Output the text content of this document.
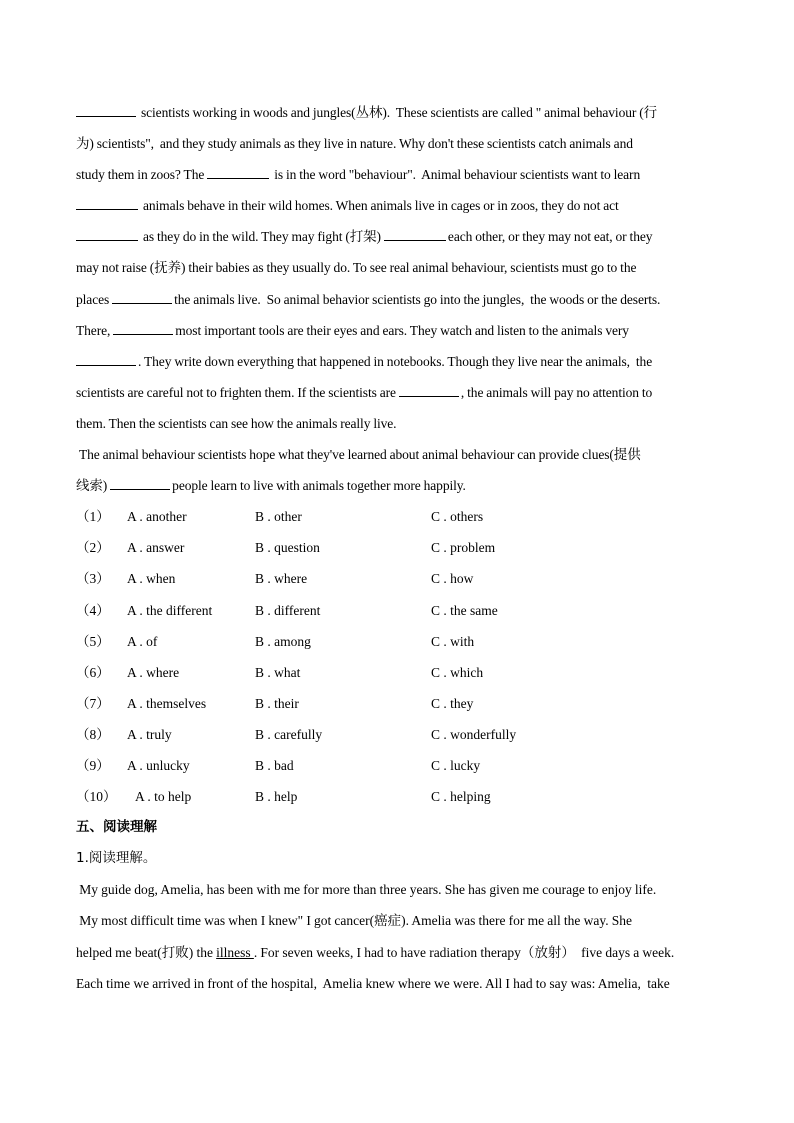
scientists working in woods and jungles(丛林).  These scientists are called " animal behaviour (行

为) scientists",  and they study animals as they live in nature. Why don't these scientists catch animals and

study them in zoos? The	is in the word "behaviour".  Animal behaviour scientists want to learn

animals behave in their wild homes. When animals live in cages or in zoos, they do not act

as they do in the wild. They may fight (打架)	each other, or they may not eat, or they

may not raise (抚养) their babies as they usually do. To see real animal behaviour, scientists must go to the

places	the animals live.  So animal behavior scientists go into the jungles,  the woods or the deserts.

There,	most important tools are their eyes and ears. They watch and listen to the animals very

. They write down everything that happened in notebooks. Though they live near the animals,  the

scientists are careful not to frighten them. If the scientists are	, the animals will pay no attention to

them. Then the scientists can see how the animals really live.

The animal behaviour scientists hope what they've learned about animal behaviour can provide clues(提供

线索)	people learn to live with animals together more happily.

（1）	A . another	B . other	C . others
（2）	A . answer	B . question	C . problem
（3）	A . when	B . where	C . how
（4）	A . the different	B . different	C . the same
（5）	A . of	B . among	C . with
（6）	A . where	B . what	C . which
（7）	A . themselves	B . their	C . they
（8）	A . truly	B . carefully	C . wonderfully
（9）	A . unlucky	B . bad	C . lucky
（10）	A . to help	B . help	C . helping
五、阅读理解
1.阅读理解。

My guide dog, Amelia, has been with me for more than three years. She has given me courage to enjoy life.

My most difficult time was when I knew" I got cancer(癌症). Amelia was there for me all the way. She

helped me beat(打败) the illness . For seven weeks, I had to have radiation therapy（放射）  five days a week.

Each time we arrived in front of the hospital,  Amelia knew where we were. All I had to say was: Amelia,  take
